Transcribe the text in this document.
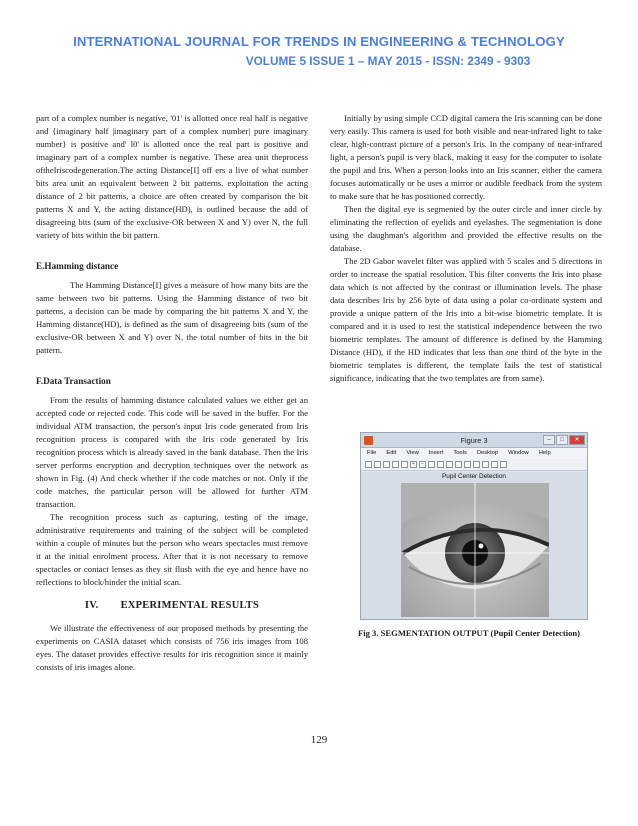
INTERNATIONAL JOURNAL FOR TRENDS IN ENGINEERING & TECHNOLOGY
VOLUME 5 ISSUE 1 – MAY 2015 - ISSN: 2349 - 9303

part of a complex number is negative, '01' is allotted once real half is negative and {imaginary half |imaginary part of a complex number| pure imaginary number} is positive and' l0' is allotted once the real part is positive and imaginary part of a complex number is negative. These area unit theprocess oftheIriscodegeneration.The acting Distance[I] off ers a live of what number bits area unit an equivalent between 2 bit patterns. exploitation the acting distance of 2 bit patterns, a choice are often created by comparison the bit patterns X and Y, the acting distance(HD), is outlined because the add of disagreeing bits (sum of the exclusive-OR between X and Y) over N, the full variety of bits within the bit pattern.

E.Hamming distance

The Hamming Distance[I] gives a measure of how many bits are the same between two bit patterns. Using the Hamming distance of two bit patterns, a decision can be made by comparing the bit patterns X and Y, the Hamming distance(HD), is defined as the sum of disagreeing bits (sum of the exclusive-OR between X and Y) over N, the total number of bits in the bit pattern.

F.Data Transaction

From the results of hamming distance calculated values we either get an accepted code or rejected code. This code will be saved in the buffer. For the individual ATM transaction, the person's input Iris code generated from Iris recognition process is compared with the Iris code generated by Iris recognition process which is already saved in the bank database. Then the Iris server performs encryption and decryption techniques over the network as shown in Fig. (4) And check whether if the code matches or not. Only if the code matches, the particular person will be allowed for further ATM transaction.

The recognition process such as capturing, testing of the image, administrative requirements and training of the subject will be completed within a couple of minutes but the person who wears spectacles must remove it at the initial enrolment process. After that it is not necessary to remove spectacles or contact lenses as they sit flush with the eye and hence have no reflections to block/hinder the initial scan.

IV. EXPERIMENTAL RESULTS

We illustrate the effectiveness of our proposed methods by presenting the experiments on CASIA dataset which consists of 756 iris images from 108 eyes. The dataset provides effective results for iris recognition since it mainly consists of iris images alone.

Initially by using simple CCD digital camera the Iris scanning can be done very easily. This camera is used for both visible and near-infrared light to take clear, high-contrast picture of a person's Iris. In the company of near-infrared light, a person's pupil is very black, making it easy for the computer to isolate the pupil and Iris. When a person looks into an Iris scanner, either the camera focuses automatically or he uses a mirror or audible feedback from the system to make sure that he has positioned correctly.

Then the digital eye is segmented by the outer circle and inner circle by eliminating the reflection of eyelids and eyelashes. The segmentation is done using the daughman's algorithm and provided the effective results on the database.

The 2D Gabor wavelet filter was applied with 5 scales and 5 directions in order to increase the spatial resolution. This filter converts the Iris into phase data which is not affected by the contrast or illumination levels. The phase data describes Iris by 256 byte of data using a polar co-ordinate system and provide a unique pattern of the Iris into a bit-wise biometric template. It is compared and it is used to test the statistical independence between the two biometric templates. The amount of difference is defined by the Hamming Distance (HD), if the HD indicates that less than one third of the byte in the biometric templates is different, the template fails the test of statistical significance, indicating that the two templates are from same).

Figure 3	–	□	✕
File Edit View Insert Tools Desktop Window Help
+	−
Pupil Center Detection
Fig 3. SEGMENTATION OUTPUT (Pupil Center Detection)
129
